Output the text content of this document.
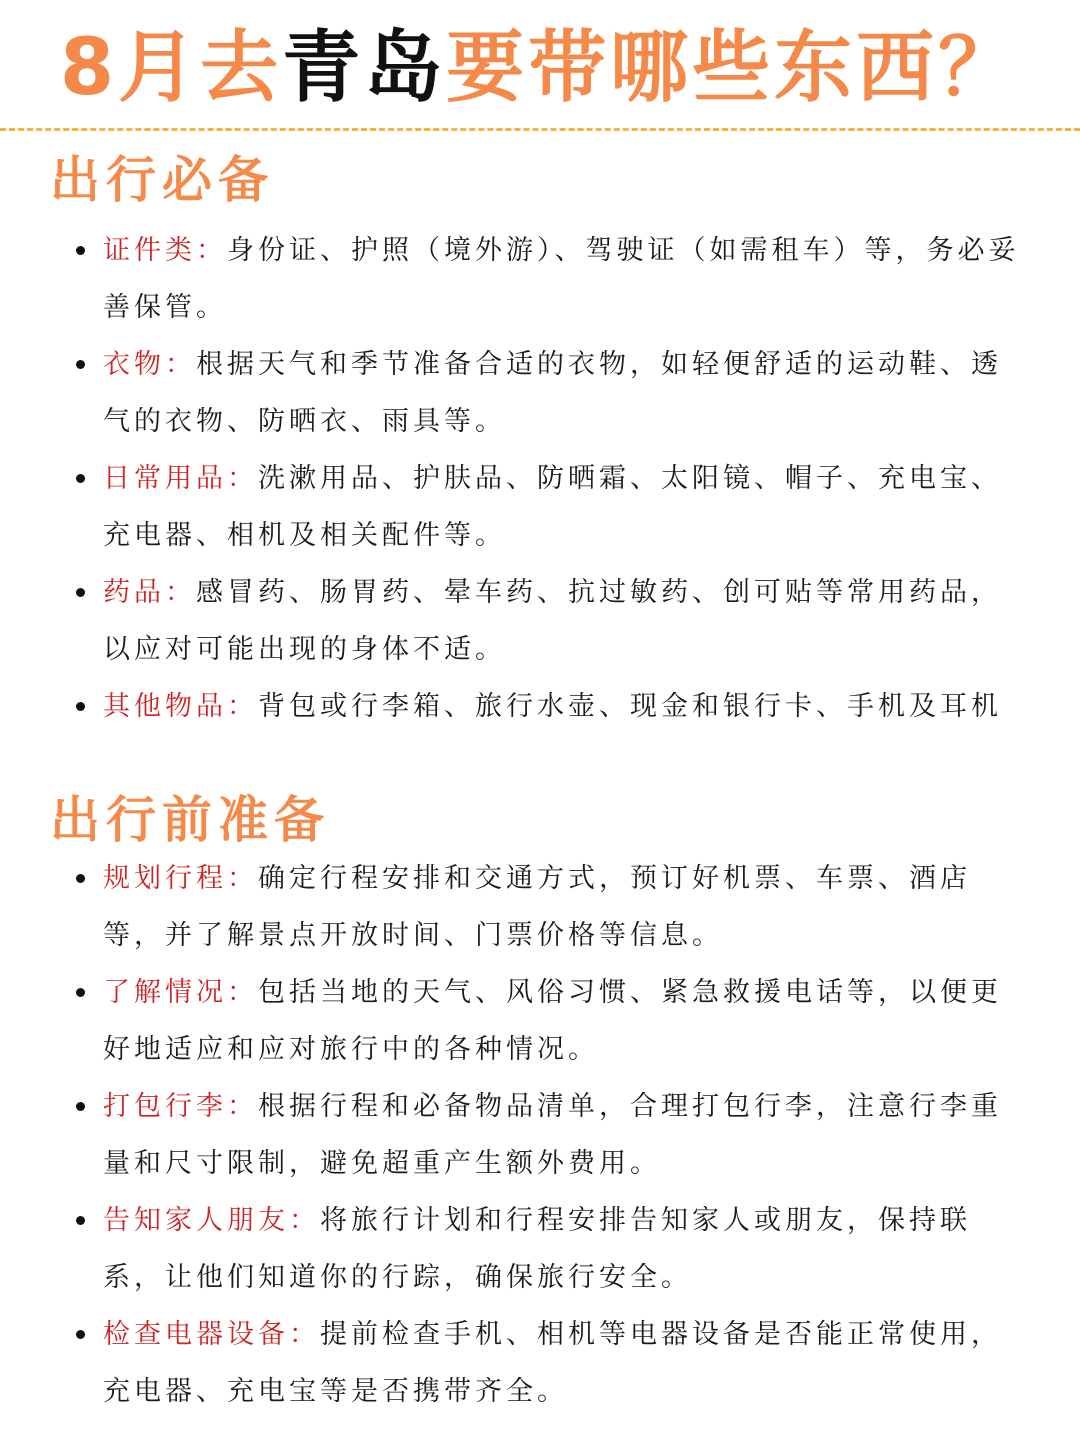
8月去青岛要带哪些东西？
出行必备
证件类：身份证、护照（境外游）、驾驶证（如需租车）等，务必妥善保管。
衣物：根据天气和季节准备合适的衣物，如轻便舒适的运动鞋、透气的衣物、防晒衣、雨具等。
日常用品：洗漱用品、护肤品、防晒霜、太阳镜、帽子、充电宝、充电器、相机及相关配件等。
药品：感冒药、肠胃药、晕车药、抗过敏药、创可贴等常用药品，以应对可能出现的身体不适。
其他物品：背包或行李箱、旅行水壶、现金和银行卡、手机及耳机
出行前准备
规划行程：确定行程安排和交通方式，预订好机票、车票、酒店等，并了解景点开放时间、门票价格等信息。
了解情况：包括当地的天气、风俗习惯、紧急救援电话等，以便更好地适应和应对旅行中的各种情况。
打包行李：根据行程和必备物品清单，合理打包行李，注意行李重量和尺寸限制，避免超重产生额外费用。
告知家人朋友：将旅行计划和行程安排告知家人或朋友，保持联系，让他们知道你的行踪，确保旅行安全。
检查电器设备：提前检查手机、相机等电器设备是否能正常使用，充电器、充电宝等是否携带齐全。
